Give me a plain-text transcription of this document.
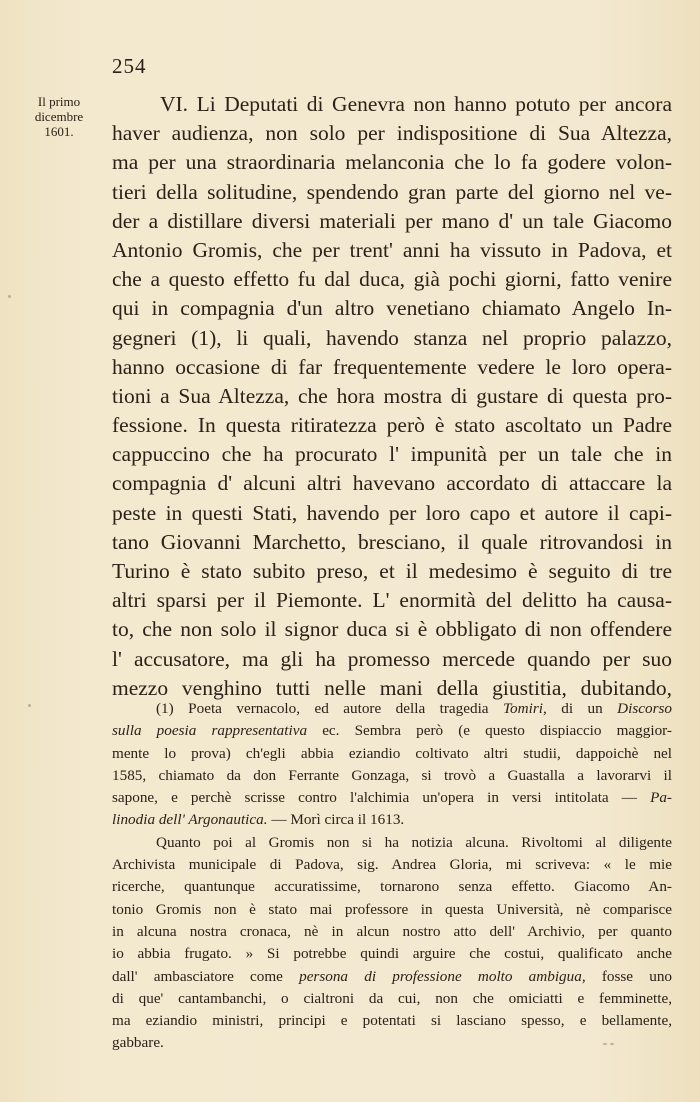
254
Il primo
dicembre
1601.
VI. Li Deputati di Genevra non hanno potuto per ancora
haver audienza, non solo per indispositione di Sua Altezza,
ma per una straordinaria melanconia che lo fa godere volon-
tieri della solitudine, spendendo gran parte del giorno nel ve-
der a distillare diversi materiali per mano d' un tale Giacomo
Antonio Gromis, che per trent' anni ha vissuto in Padova, et
che a questo effetto fu dal duca, già pochi giorni, fatto venire
qui in compagnia d'un altro venetiano chiamato Angelo In-
gegneri (1), li quali, havendo stanza nel proprio palazzo,
hanno occasione di far frequentemente vedere le loro opera-
tioni a Sua Altezza, che hora mostra di gustare di questa pro-
fessione. In questa ritiratezza però è stato ascoltato un Padre
cappuccino che ha procurato l' impunità per un tale che in
compagnia d' alcuni altri havevano accordato di attaccare la
peste in questi Stati, havendo per loro capo et autore il capi-
tano Giovanni Marchetto, bresciano, il quale ritrovandosi in
Turino è stato subito preso, et il medesimo è seguito di tre
altri sparsi per il Piemonte. L' enormità del delitto ha causa-
to, che non solo il signor duca si è obbligato di non offendere
l' accusatore, ma gli ha promesso mercede quando per suo
mezzo venghino tutti nelle mani della giustitia, dubitando,
(1) Poeta vernacolo, ed autore della tragedia Tomiri, di un Discorso
sulla poesia rappresentativa ec. Sembra però (e questo dispiaccio maggior-
mente lo prova) ch'egli abbia eziandio coltivato altri studii, dappoichè nel
1585, chiamato da don Ferrante Gonzaga, si trovò a Guastalla a lavorarvi il
sapone, e perchè scrisse contro l'alchimia un'opera in versi intitolata — Pa-
linodia dell' Argonautica. — Morì circa il 1613.
Quanto poi al Gromis non si ha notizia alcuna. Rivoltomi al diligente
Archivista municipale di Padova, sig. Andrea Gloria, mi scriveva: « le mie
ricerche, quantunque accuratissime, tornarono senza effetto. Giacomo An-
tonio Gromis non è stato mai professore in questa Università, nè comparisce
in alcuna nostra cronaca, nè in alcun nostro atto dell' Archivio, per quanto
io abbia frugato. » Si potrebbe quindi arguire che costui, qualificato anche
dall' ambasciatore come persona di professione molto ambigua, fosse uno
di que' cantambanchi, o cialtroni da cui, non che omiciatti e femminette,
ma eziandio ministri, principi e potentati si lasciano spesso, e bellamente,
gabbare.
